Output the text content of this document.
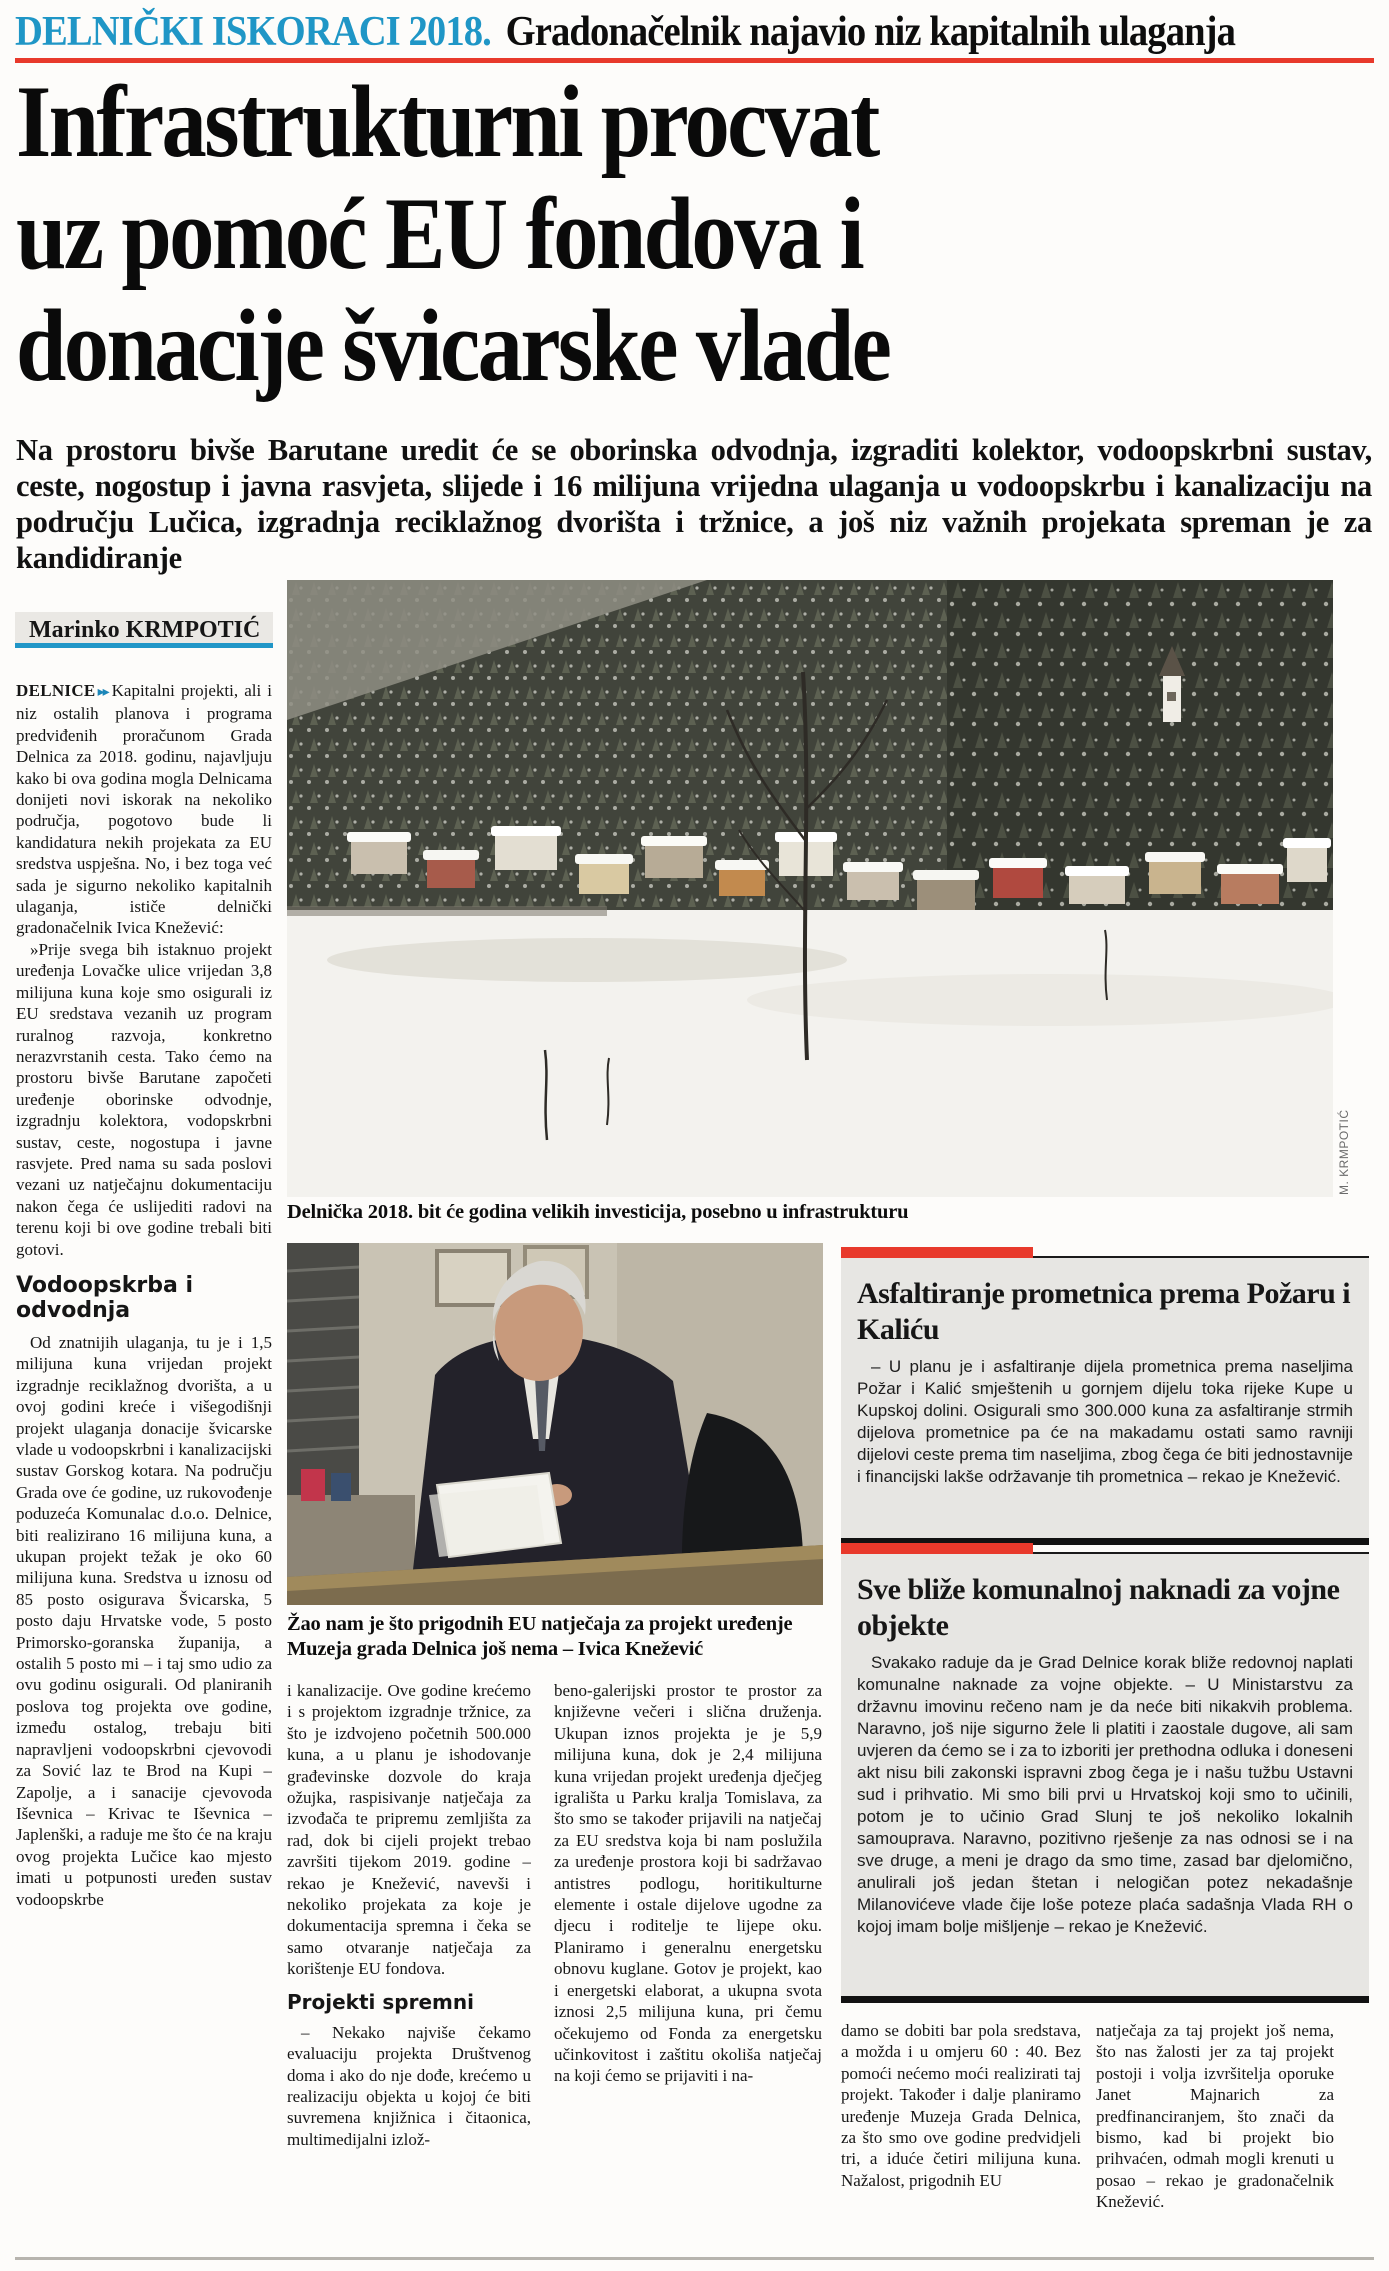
DELNIČKI ISKORACI 2018. Gradonačelnik najavio niz kapitalnih ulaganja
Infrastrukturni procvat
uz pomoć EU fondova i
donacije švicarske vlade
Na prostoru bivše Barutane uredit će se oborinska odvodnja, izgraditi kolektor, vodoopskrbni sustav, ceste, nogostup i javna rasvjeta, slijede i 16 milijuna vrijedna ulaganja u vodoopskrbu i kanalizaciju na području Lučica, izgradnja reciklažnog dvorišta i tržnice, a još niz važnih projekata spreman je za kandidiranje
Marinko KRMPOTIĆ

DELNICE ▸▸ Kapitalni projekti, ali i niz ostalih planova i programa predviđenih proračunom Grada Delnica za 2018. godinu, najavljuju kako bi ova godina mogla Delnicama donijeti novi iskorak na nekoliko područja, pogotovo bude li kandidatura nekih projekata za EU sredstva uspješna. No, i bez toga već sada je sigurno nekoliko kapitalnih ulaganja, ističe delnički gradonačelnik Ivica Knežević:

»Prije svega bih istaknuo projekt uređenja Lovačke ulice vrijedan 3,8 milijuna kuna koje smo osigurali iz EU sredstava vezanih uz program ruralnog razvoja, konkretno nerazvrstanih cesta. Tako ćemo na prostoru bivše Barutane započeti uređenje oborinske odvodnje, izgradnju kolektora, vodopskrbni sustav, ceste, nogostupa i javne rasvjete. Pred nama su sada poslovi vezani uz natječajnu dokumentaciju nakon čega će uslijediti radovi na terenu koji bi ove godine trebali biti gotovi.

Vodoopskrba i odvodnja

Od znatnijih ulaganja, tu je i 1,5 milijuna kuna vrijedan projekt izgradnje reciklažnog dvorišta, a u ovoj godini kreće i višegodišnji projekt ulaganja donacije švicarske vlade u vodoopskrbni i kanalizacijski sustav Gorskog kotara. Na području Grada ove će godine, uz rukovođenje poduzeća Komunalac d.o.o. Delnice, biti realizirano 16 milijuna kuna, a ukupan projekt težak je oko 60 milijuna kuna. Sredstva u iznosu od 85 posto osigurava Švicarska, 5 posto daju Hrvatske vode, 5 posto Primorsko-goranska županija, a ostalih 5 posto mi – i taj smo udio za ovu godinu osigurali. Od planiranih poslova tog projekta ove godine, između ostalog, trebaju biti napravljeni vodoopskrbni cjevovodi za Sović laz te Brod na Kupi – Zapolje, a i sanacije cjevovoda Iševnica – Krivac te Iševnica – Japlenški, a raduje me što će na kraju ovog projekta Lučice kao mjesto imati u potpunosti uređen sustav vodoopskrbe

M. KRMPOTIĆ
Delnička 2018. bit će godina velikih investicija, posebno u infrastrukturu
Žao nam je što prigodnih EU natječaja za projekt uređenje Muzeja grada Delnica još nema – Ivica Knežević
Asfaltiranje prometnica prema Požaru i Kaliću

– U planu je i asfaltiranje dijela prometnica prema naseljima Požar i Kalić smještenih u gornjem dijelu toka rijeke Kupe u Kupskoj dolini. Osigurali smo 300.000 kuna za asfaltiranje strmih dijelova prometnice pa će na makadamu ostati samo ravniji dijelovi ceste prema tim naseljima, zbog čega će biti jednostavnije i financijski lakše održavanje tih prometnica – rekao je Knežević.

Sve bliže komunalnoj naknadi za vojne objekte

Svakako raduje da je Grad Delnice korak bliže redovnoj naplati komunalne naknade za vojne objekte. – U Ministarstvu za državnu imovinu rečeno nam je da neće biti nikakvih problema. Naravno, još nije sigurno žele li platiti i zaostale dugove, ali sam uvjeren da ćemo se i za to izboriti jer prethodna odluka i doneseni akt nisu bili zakonski ispravni zbog čega je i našu tužbu Ustavni sud i prihvatio. Mi smo bili prvi u Hrvatskoj koji smo to učinili, potom je to učinio Grad Slunj te još nekoliko lokalnih samouprava. Naravno, pozitivno rješenje za nas odnosi se i na sve druge, a meni je drago da smo time, zasad bar djelomično, anulirali još jedan štetan i nelogičan potez nekadašnje Milanovićeve vlade čije loše poteze plaća sadašnja Vlada RH o kojoj imam bolje mišljenje – rekao je Knežević.

i kanalizacije. Ove godine krećemo i s projektom izgradnje tržnice, za što je izdvojeno početnih 500.000 kuna, a u planu je ishodovanje građevinske dozvole do kraja ožujka, raspisivanje natječaja za izvođača te pripremu zemljišta za rad, dok bi cijeli projekt trebao završiti tijekom 2019. godine – rekao je Knežević, navevši i nekoliko projekata za koje je dokumentacija spremna i čeka se samo otvaranje natječaja za korištenje EU fondova.

Projekti spremni

– Nekako najviše čekamo evaluaciju projekta Društvenog doma i ako do nje dođe, krećemo u realizaciju objekta u kojoj će biti suvremena knjižnica i čitaonica, multimedijalni izlož-

beno-galerijski prostor te prostor za književne večeri i slična druženja. Ukupan iznos projekta je je 5,9 milijuna kuna, dok je 2,4 milijuna kuna vrijedan projekt uređenja dječjeg igrališta u Parku kralja Tomislava, za što smo se također prijavili na natječaj za EU sredstva koja bi nam poslužila za uređenje prostora koji bi sadržavao antistres podlogu, horitikulturne elemente i ostale dijelove ugodne za djecu i roditelje te lijepe oku. Planiramo i generalnu energetsku obnovu kuglane. Gotov je projekt, kao i energetski elaborat, a ukupna svota iznosi 2,5 milijuna kuna, pri čemu očekujemo od Fonda za energetsku učinkovitost i zaštitu okoliša natječaj na koji ćemo se prijaviti i na-

damo se dobiti bar pola sredstava, a možda i u omjeru 60 : 40. Bez pomoći nećemo moći realizirati taj projekt. Također i dalje planiramo uređenje Muzeja Grada Delnica, za što smo ove godine predvidjeli tri, a iduće četiri milijuna kuna. Nažalost, prigodnih EU

natječaja za taj projekt još nema, što nas žalosti jer za taj projekt postoji i volja izvršitelja oporuke Janet Majnarich za predfinanciranjem, što znači da bismo, kad bi projekt bio prihvaćen, odmah mogli krenuti u posao – rekao je gradonačelnik Knežević.
